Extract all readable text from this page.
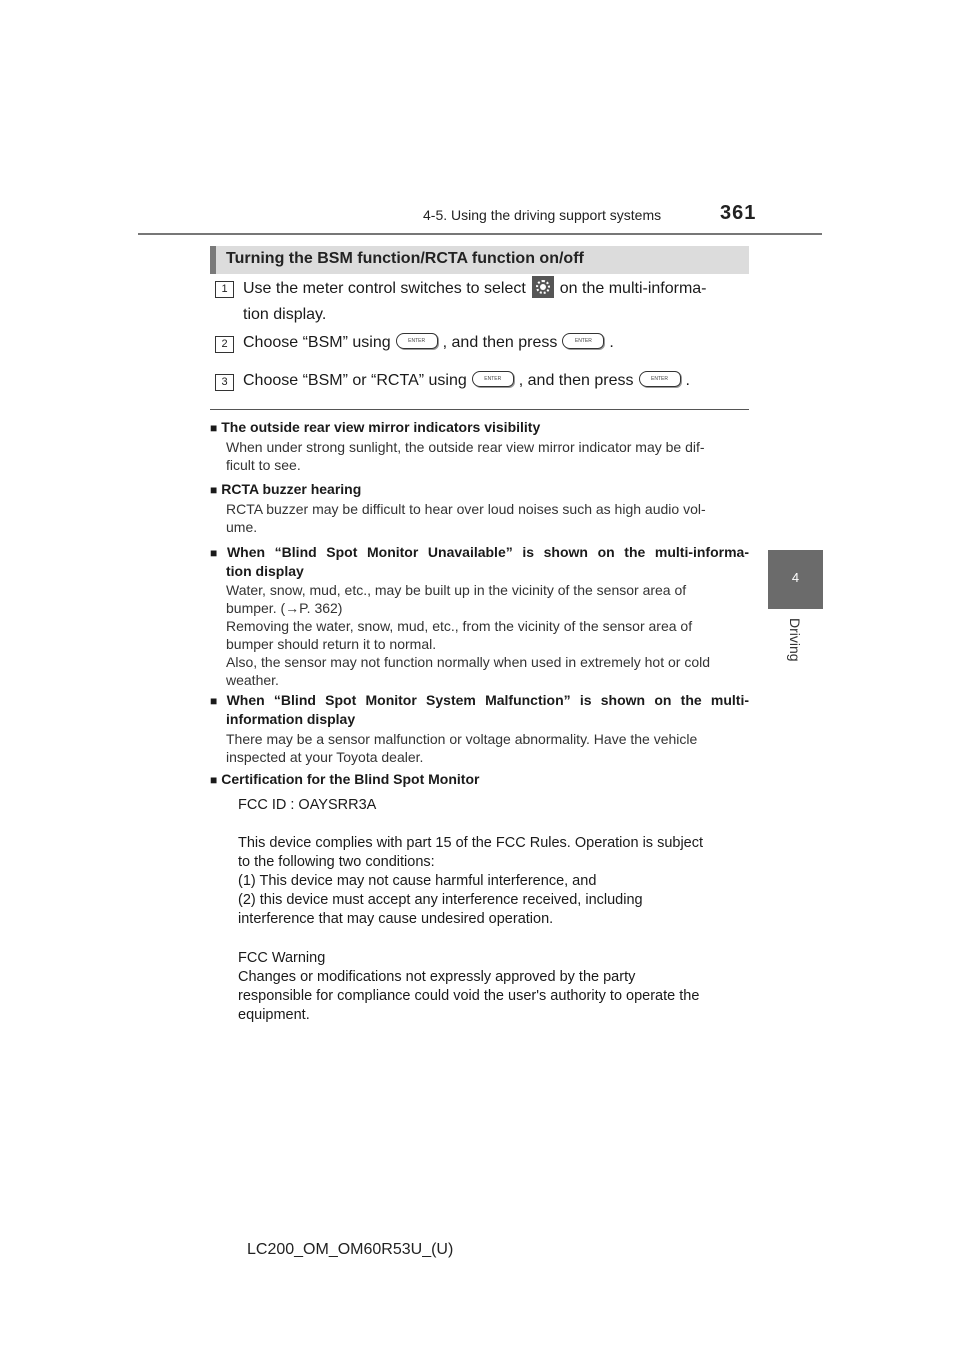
4-5. Using the driving support systems	361
4
Driving
Turning the BSM function/RCTA function on/off
1 Use the meter control switches to select on the multi-informa-
tion display.
2 Choose “BSM” using	ENTER , and then press	ENTER .
3 Choose “BSM” or “RCTA” using	ENTER , and then press	ENTER .
■ The outside rear view mirror indicators visibility
When under strong sunlight, the outside rear view mirror indicator may be dif-
ficult to see.
■ RCTA buzzer hearing
RCTA buzzer may be difficult to hear over loud noises such as high audio vol-
ume.
■ When “Blind Spot Monitor Unavailable” is shown on the multi-informa-
tion display
Water, snow, mud, etc., may be built up in the vicinity of the sensor area of
bumper. (→P. 362)
Removing the water, snow, mud, etc., from the vicinity of the sensor area of
bumper should return it to normal.
Also, the sensor may not function normally when used in extremely hot or cold
weather.
■ When “Blind Spot Monitor System Malfunction” is shown on the multi-
information display
There may be a sensor malfunction or voltage abnormality. Have the vehicle
inspected at your Toyota dealer.
■ Certification for the Blind Spot Monitor
FCC ID : OAYSRR3A
This device complies with part 15 of the FCC Rules. Operation is subject
to the following two conditions:
(1) This device may not cause harmful interference, and
(2) this device must accept any interference received, including
interference that may cause undesired operation.
FCC Warning
Changes or modifications not expressly approved by the party
responsible for compliance could void the user's authority to operate the
equipment.
LC200_OM_OM60R53U_(U)
